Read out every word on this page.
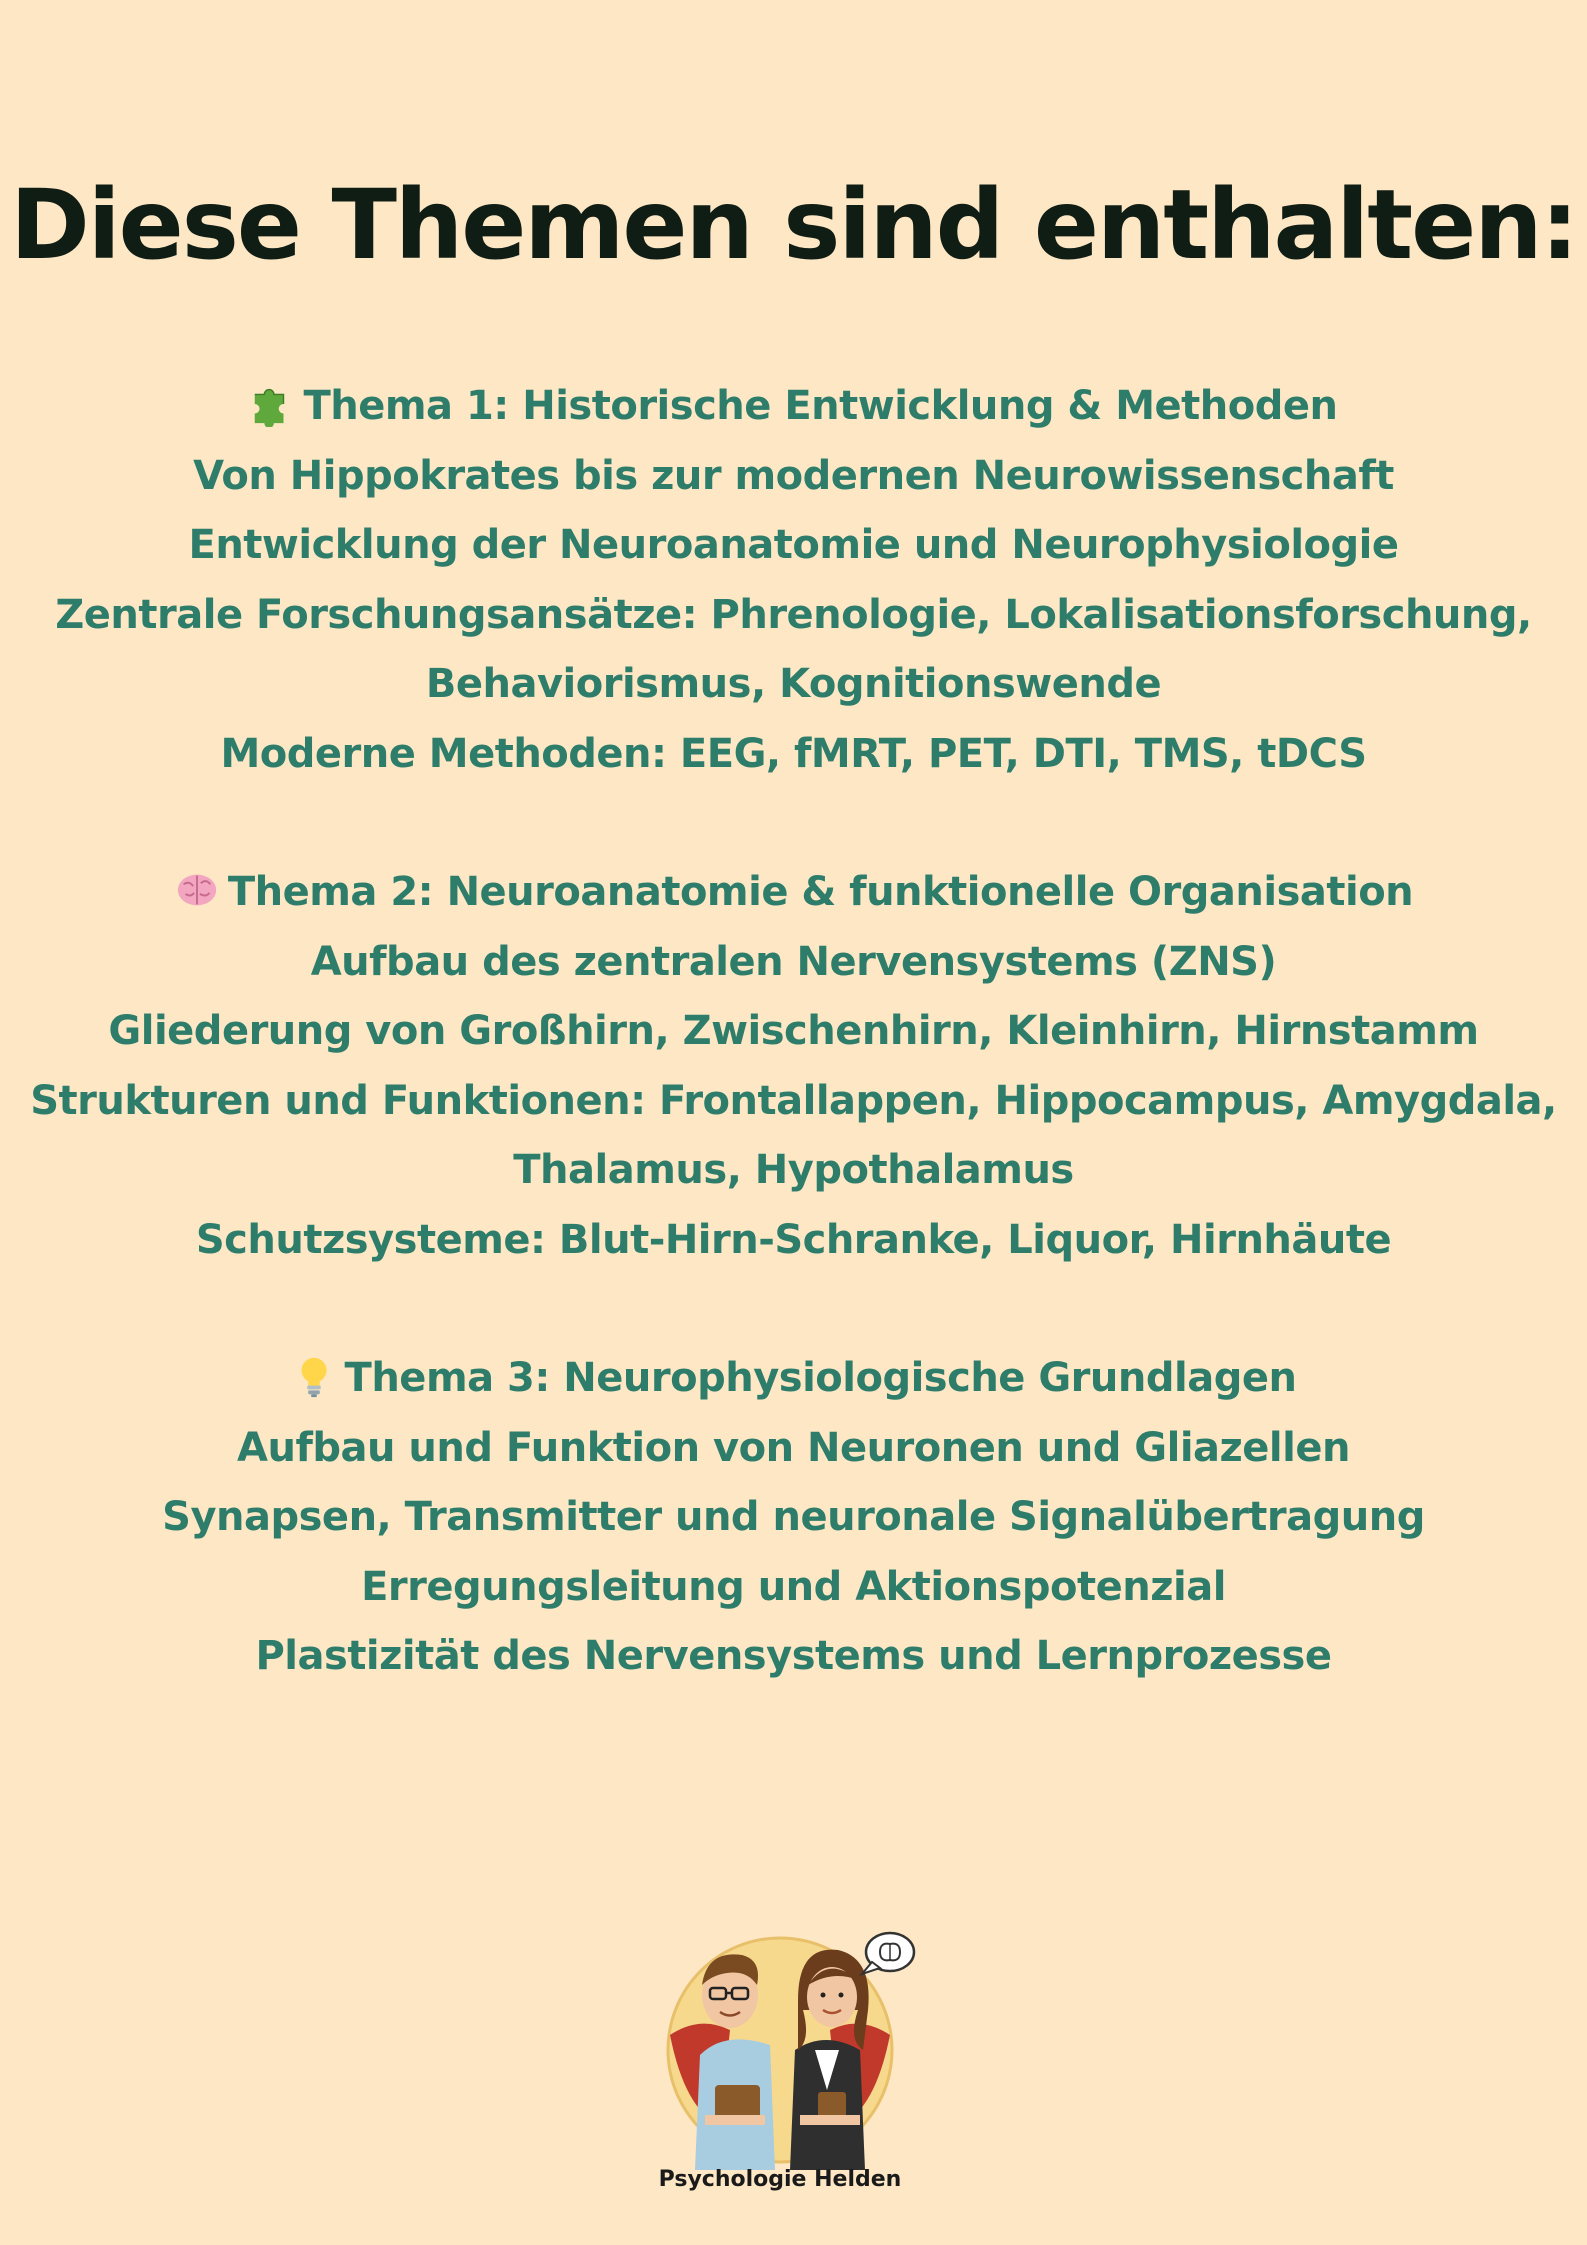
Diese Themen sind enthalten:
Thema 1: Historische Entwicklung & Methoden
Von Hippokrates bis zur modernen Neurowissenschaft
Entwicklung der Neuroanatomie und Neurophysiologie
Zentrale Forschungsansätze: Phrenologie, Lokalisationsforschung,
Behaviorismus, Kognitionswende
Moderne Methoden: EEG, fMRT, PET, DTI, TMS, tDCS
Thema 2: Neuroanatomie & funktionelle Organisation
Aufbau des zentralen Nervensystems (ZNS)
Gliederung von Großhirn, Zwischenhirn, Kleinhirn, Hirnstamm
Strukturen und Funktionen: Frontallappen, Hippocampus, Amygdala,
Thalamus, Hypothalamus
Schutzsysteme: Blut-Hirn-Schranke, Liquor, Hirnhäute
Thema 3: Neurophysiologische Grundlagen
Aufbau und Funktion von Neuronen und Gliazellen
Synapsen, Transmitter und neuronale Signalübertragung
Erregungsleitung und Aktionspotenzial
Plastizität des Nervensystems und Lernprozesse
Psychologie Helden
